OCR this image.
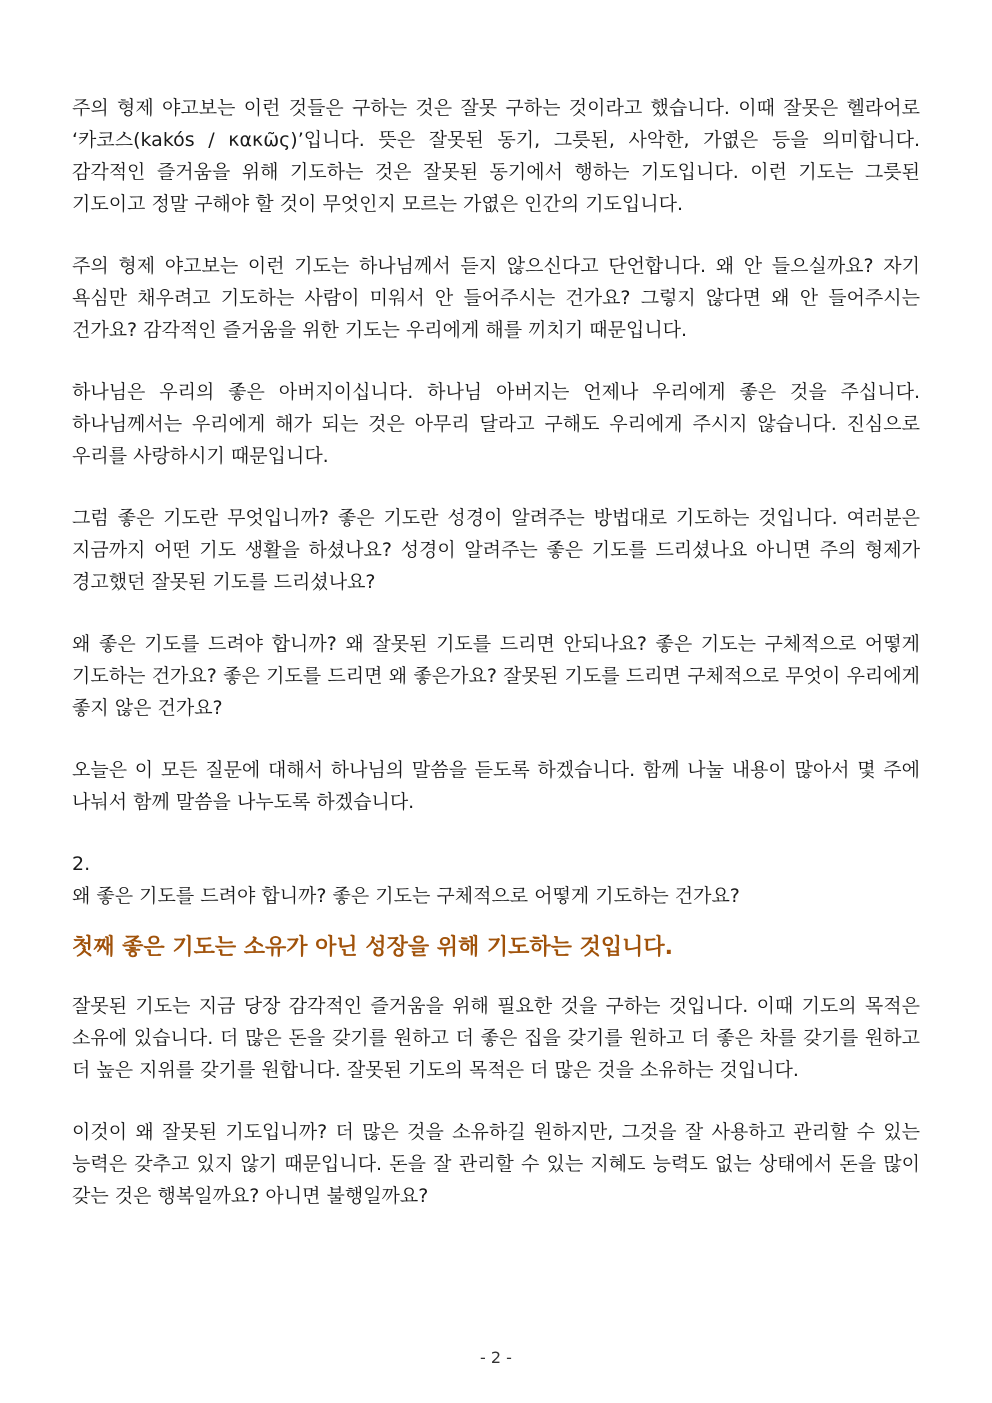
주의 형제 야고보는 이런 것들은 구하는 것은 잘못 구하는 것이라고 했습니다. 이때 잘못은 헬라어로 ‘카코스(kakós / κακῶς)’입니다. 뜻은 잘못된 동기, 그릇된, 사악한, 가엾은 등을 의미합니다. 감각적인 즐거움을 위해 기도하는 것은 잘못된 동기에서 행하는 기도입니다. 이런 기도는 그릇된 기도이고 정말 구해야 할 것이 무엇인지 모르는 가엾은 인간의 기도입니다.

주의 형제 야고보는 이런 기도는 하나님께서 듣지 않으신다고 단언합니다. 왜 안 들으실까요? 자기 욕심만 채우려고 기도하는 사람이 미워서 안 들어주시는 건가요? 그렇지 않다면 왜 안 들어주시는 건가요? 감각적인 즐거움을 위한 기도는 우리에게 해를 끼치기 때문입니다.

하나님은 우리의 좋은 아버지이십니다. 하나님 아버지는 언제나 우리에게 좋은 것을 주십니다. 하나님께서는 우리에게 해가 되는 것은 아무리 달라고 구해도 우리에게 주시지 않습니다. 진심으로 우리를 사랑하시기 때문입니다.

그럼 좋은 기도란 무엇입니까? 좋은 기도란 성경이 알려주는 방법대로 기도하는 것입니다. 여러분은 지금까지 어떤 기도 생활을 하셨나요? 성경이 알려주는 좋은 기도를 드리셨나요 아니면 주의 형제가 경고했던 잘못된 기도를 드리셨나요?

왜 좋은 기도를 드려야 합니까? 왜 잘못된 기도를 드리면 안되나요? 좋은 기도는 구체적으로 어떻게 기도하는 건가요? 좋은 기도를 드리면 왜 좋은가요? 잘못된 기도를 드리면 구체적으로 무엇이 우리에게 좋지 않은 건가요?

오늘은 이 모든 질문에 대해서 하나님의 말씀을 듣도록 하겠습니다. 함께 나눌 내용이 많아서 몇 주에 나눠서 함께 말씀을 나누도록 하겠습니다.

2.

왜 좋은 기도를 드려야 합니까? 좋은 기도는 구체적으로 어떻게 기도하는 건가요?

첫째 좋은 기도는 소유가 아닌 성장을 위해 기도하는 것입니다.

잘못된 기도는 지금 당장 감각적인 즐거움을 위해 필요한 것을 구하는 것입니다. 이때 기도의 목적은 소유에 있습니다. 더 많은 돈을 갖기를 원하고 더 좋은 집을 갖기를 원하고 더 좋은 차를 갖기를 원하고 더 높은 지위를 갖기를 원합니다. 잘못된 기도의 목적은 더 많은 것을 소유하는 것입니다.

이것이 왜 잘못된 기도입니까? 더 많은 것을 소유하길 원하지만, 그것을 잘 사용하고 관리할 수 있는 능력은 갖추고 있지 않기 때문입니다. 돈을 잘 관리할 수 있는 지혜도 능력도 없는 상태에서 돈을 많이 갖는 것은 행복일까요? 아니면 불행일까요?

- 2 -
